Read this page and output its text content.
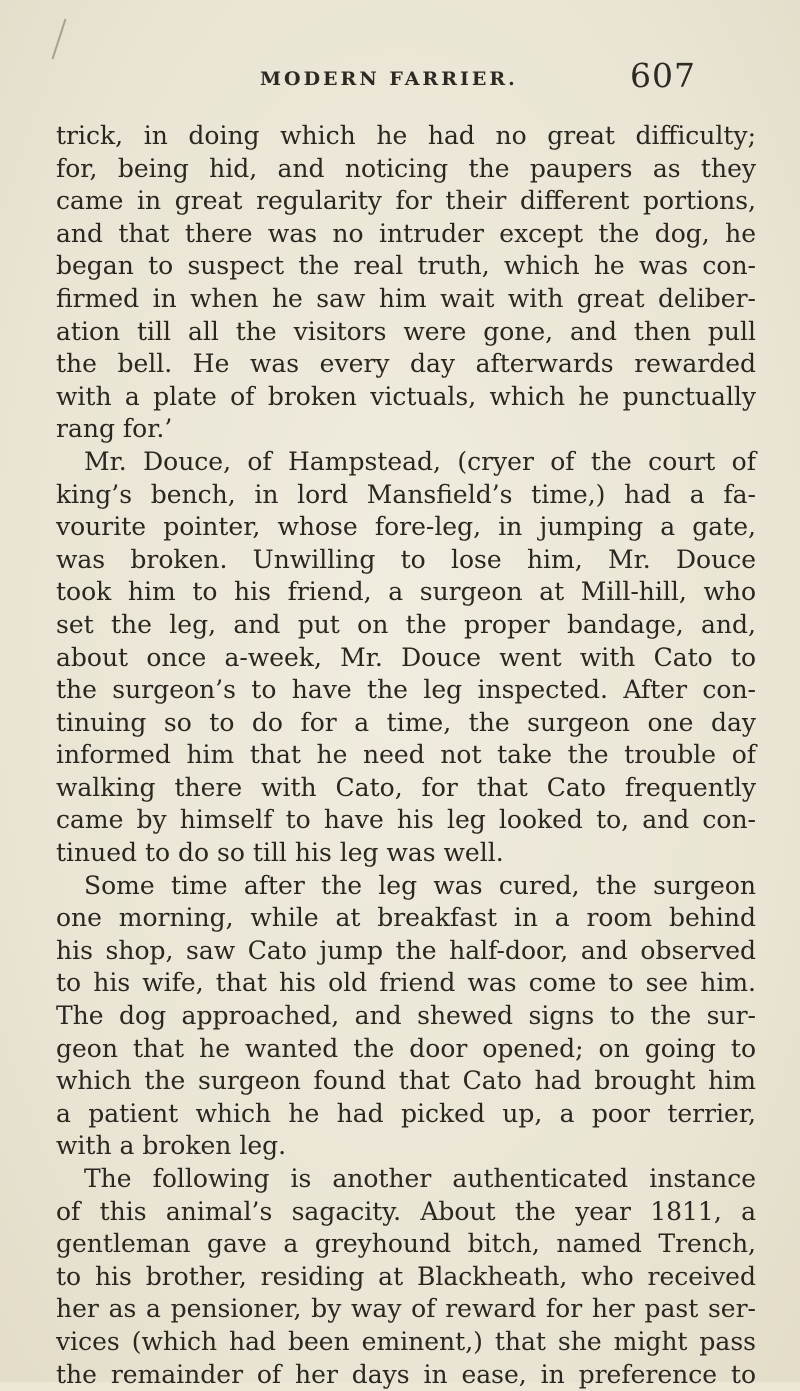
MODERN FARRIER.	607
trick, in doing which he had no great difficulty;
for, being hid, and noticing the paupers as they
came in great regularity for their different portions,
and that there was no intruder except the dog, he
began to suspect the real truth, which he was con-
firmed in when he saw him wait with great deliber-
ation till all the visitors were gone, and then pull
the bell. He was every day afterwards rewarded
with a plate of broken victuals, which he punctually
rang for.’
Mr. Douce, of Hampstead, (cryer of the court of
king’s bench, in lord Mansfield’s time,) had a fa-
vourite pointer, whose fore-leg, in jumping a gate,
was broken. Unwilling to lose him, Mr. Douce
took him to his friend, a surgeon at Mill-hill, who
set the leg, and put on the proper bandage, and,
about once a-week, Mr. Douce went with Cato to
the surgeon’s to have the leg inspected. After con-
tinuing so to do for a time, the surgeon one day
informed him that he need not take the trouble of
walking there with Cato, for that Cato frequently
came by himself to have his leg looked to, and con-
tinued to do so till his leg was well.
Some time after the leg was cured, the surgeon
one morning, while at breakfast in a room behind
his shop, saw Cato jump the half-door, and observed
to his wife, that his old friend was come to see him.
The dog approached, and shewed signs to the sur-
geon that he wanted the door opened; on going to
which the surgeon found that Cato had brought him
a patient which he had picked up, a poor terrier,
with a broken leg.
The following is another authenticated instance
of this animal’s sagacity. About the year 1811, a
gentleman gave a greyhound bitch, named Trench,
to his brother, residing at Blackheath, who received
her as a pensioner, by way of reward for her past ser-
vices (which had been eminent,) that she might pass
the remainder of her days in ease, in preference to
